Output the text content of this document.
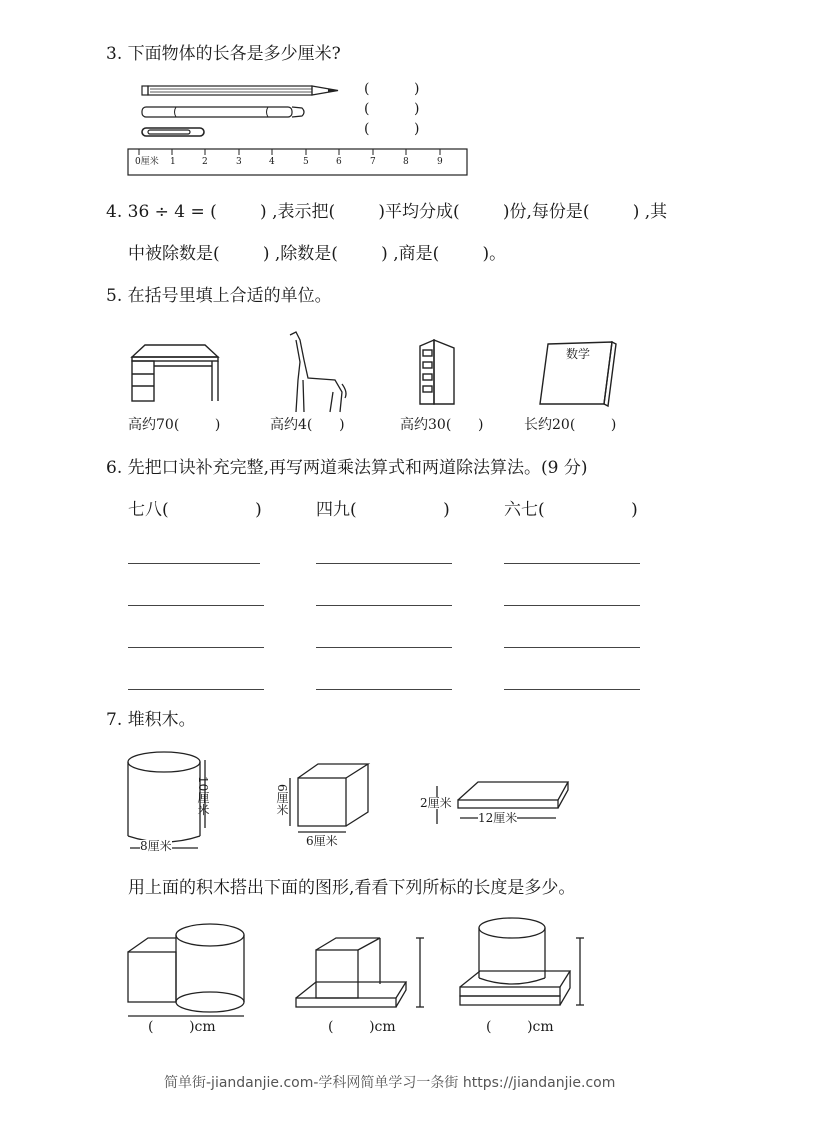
3. 下面物体的长各是多少厘米?
0厘米 1	2	3	4	5	6	7	8	9
(          )
(          )
(          )
4. 36 ÷ 4 = (        ) ,表示把(        )平均分成(        )份,每份是(        ) ,其
中被除数是(        ) ,除数是(        ) ,商是(        )。
5. 在括号里填上合适的单位。
数学
高约70(        )	高约4(      )	高约30(      )	长约20(        )
6. 先把口诀补充完整,再写两道乘法算式和两道除法算法。(9 分)
七八(                )	四九(                )	六七(                )
7. 堆积木。
10厘米
8厘米
6厘米
6厘米
2厘米
12厘米
用上面的积木搭出下面的图形,看看下列所标的长度是多少。
(        )cm	(        )cm	(        )cm
简单街-jiandanjie.com-学科网简单学习一条街 https://jiandanjie.com
